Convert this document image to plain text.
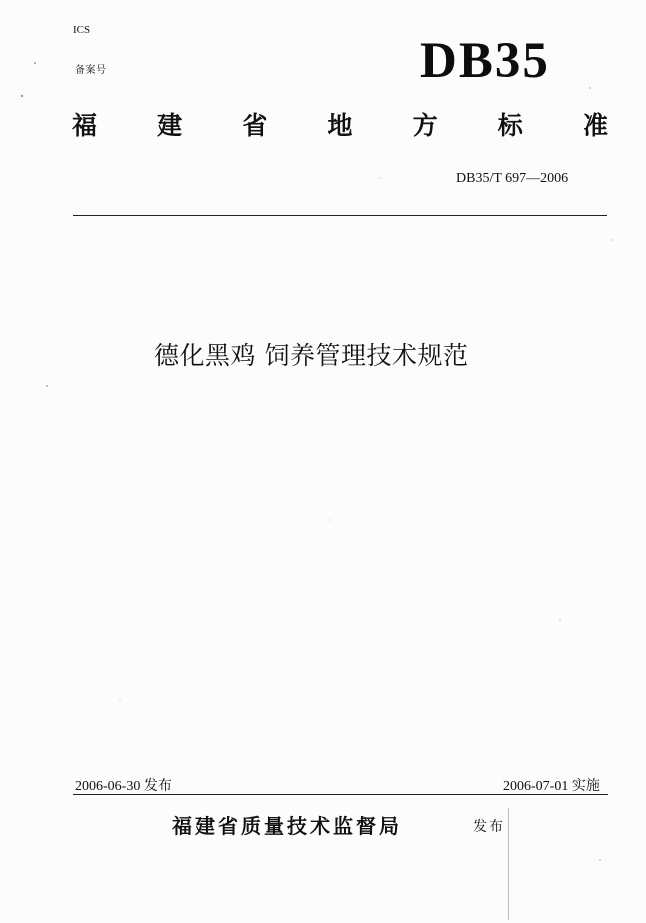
ICS
备案号	DB35
福 建 省 地 方 标 准
DB35/T 697—2006
德化黑鸡 饲养管理技术规范
2006-06-30 发布	2006-07-01 实施
福建省质量技术监督局	发布
